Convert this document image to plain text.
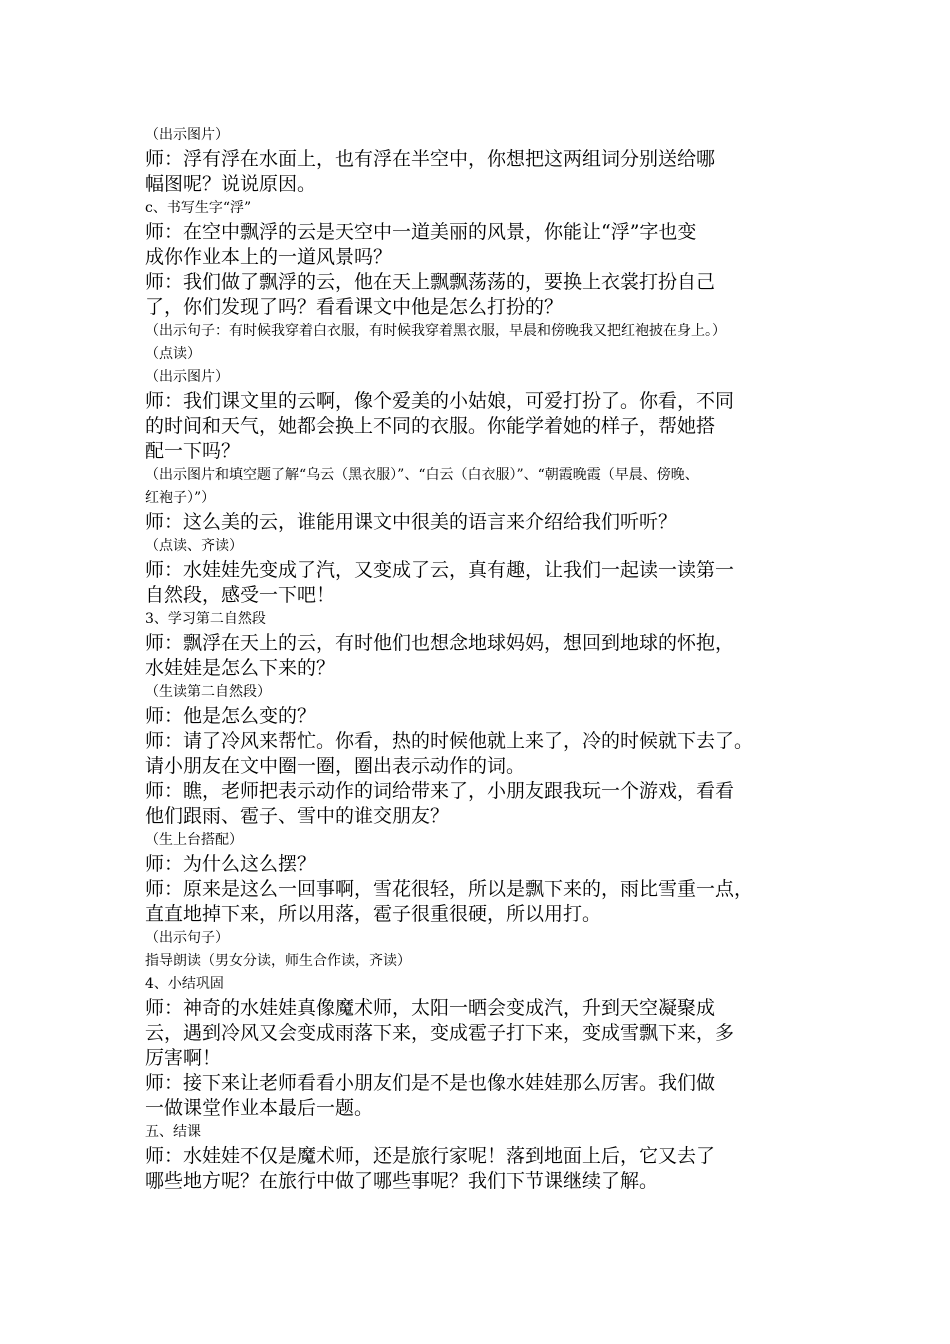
（出示图片）

师：浮有浮在水面上，也有浮在半空中，你想把这两组词分别送给哪

幅图呢？说说原因。

c、书写生字“浮”

师：在空中飘浮的云是天空中一道美丽的风景，你能让“浮”字也变

成你作业本上的一道风景吗？

师：我们做了飘浮的云，他在天上飘飘荡荡的，要换上衣裳打扮自己

了，你们发现了吗？看看课文中他是怎么打扮的？

（出示句子：有时候我穿着白衣服，有时候我穿着黑衣服，早晨和傍晚我又把红袍披在身上。）

（点读）

（出示图片）

师：我们课文里的云啊，像个爱美的小姑娘，可爱打扮了。你看，不同

的时间和天气，她都会换上不同的衣服。你能学着她的样子，帮她搭

配一下吗？

（出示图片和填空题了解“乌云（黑衣服）”、“白云（白衣服）”、“朝霞晚霞（早晨、傍晚、

红袍子）”）

师：这么美的云，谁能用课文中很美的语言来介绍给我们听听？

（点读、齐读）

师：水娃娃先变成了汽，又变成了云，真有趣，让我们一起读一读第一

自然段，感受一下吧！

3、学习第二自然段

师：飘浮在天上的云，有时他们也想念地球妈妈，想回到地球的怀抱，

水娃娃是怎么下来的？

（生读第二自然段）

师：他是怎么变的？

师：请了冷风来帮忙。你看，热的时候他就上来了，冷的时候就下去了。

请小朋友在文中圈一圈，圈出表示动作的词。

师：瞧，老师把表示动作的词给带来了，小朋友跟我玩一个游戏，看看

他们跟雨、雹子、雪中的谁交朋友？

（生上台搭配）

师：为什么这么摆？

师：原来是这么一回事啊，雪花很轻，所以是飘下来的，雨比雪重一点，

直直地掉下来，所以用落，雹子很重很硬，所以用打。

（出示句子）

指导朗读（男女分读，师生合作读，齐读）

4、小结巩固

师：神奇的水娃娃真像魔术师，太阳一晒会变成汽，升到天空凝聚成

云，遇到冷风又会变成雨落下来，变成雹子打下来，变成雪飘下来，多

厉害啊！

师：接下来让老师看看小朋友们是不是也像水娃娃那么厉害。我们做

一做课堂作业本最后一题。

五、结课

师：水娃娃不仅是魔术师，还是旅行家呢！落到地面上后，它又去了

哪些地方呢？在旅行中做了哪些事呢？我们下节课继续了解。
